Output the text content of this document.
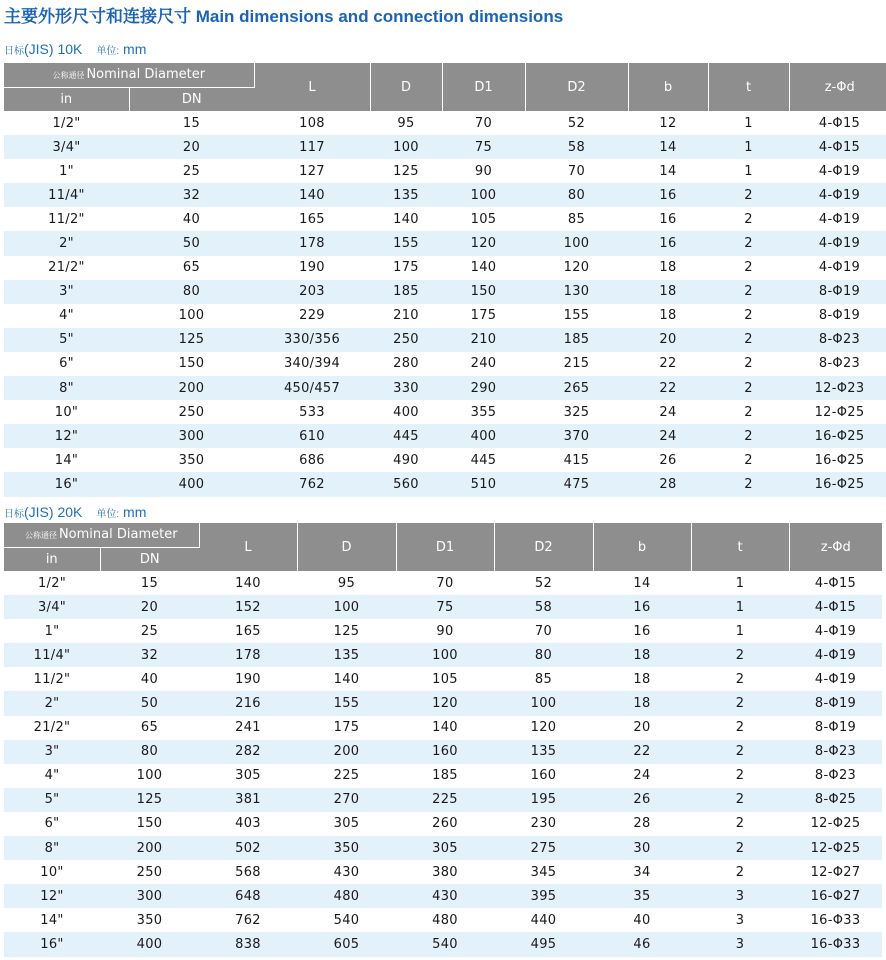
主要外形尺寸和连接尺寸 Main dimensions and connection dimensions
日标(JIS) 10K 单位: mm
公称通径 Nominal Diameter		L	D	D1	D2	b	t	z-Φd
in	DN							
1/2"	15	108	95	70	52	12	1	4-Φ15
3/4"	20	117	100	75	58	14	1	4-Φ15
1"	25	127	125	90	70	14	1	4-Φ19
11/4"	32	140	135	100	80	16	2	4-Φ19
11/2"	40	165	140	105	85	16	2	4-Φ19
2"	50	178	155	120	100	16	2	4-Φ19
21/2"	65	190	175	140	120	18	2	4-Φ19
3"	80	203	185	150	130	18	2	8-Φ19
4"	100	229	210	175	155	18	2	8-Φ19
5"	125	330/356	250	210	185	20	2	8-Φ23
6"	150	340/394	280	240	215	22	2	8-Φ23
8"	200	450/457	330	290	265	22	2	12-Φ23
10"	250	533	400	355	325	24	2	12-Φ25
12"	300	610	445	400	370	24	2	16-Φ25
14"	350	686	490	445	415	26	2	16-Φ25
16"	400	762	560	510	475	28	2	16-Φ25
日标(JIS) 20K 单位: mm
公称通径 Nominal Diameter		L	D	D1	D2	b	t	z-Φd
in	DN							
1/2"	15	140	95	70	52	14	1	4-Φ15
3/4"	20	152	100	75	58	16	1	4-Φ15
1"	25	165	125	90	70	16	1	4-Φ19
11/4"	32	178	135	100	80	18	2	4-Φ19
11/2"	40	190	140	105	85	18	2	4-Φ19
2"	50	216	155	120	100	18	2	8-Φ19
21/2"	65	241	175	140	120	20	2	8-Φ19
3"	80	282	200	160	135	22	2	8-Φ23
4"	100	305	225	185	160	24	2	8-Φ23
5"	125	381	270	225	195	26	2	8-Φ25
6"	150	403	305	260	230	28	2	12-Φ25
8"	200	502	350	305	275	30	2	12-Φ25
10"	250	568	430	380	345	34	2	12-Φ27
12"	300	648	480	430	395	35	3	16-Φ27
14"	350	762	540	480	440	40	3	16-Φ33
16"	400	838	605	540	495	46	3	16-Φ33
